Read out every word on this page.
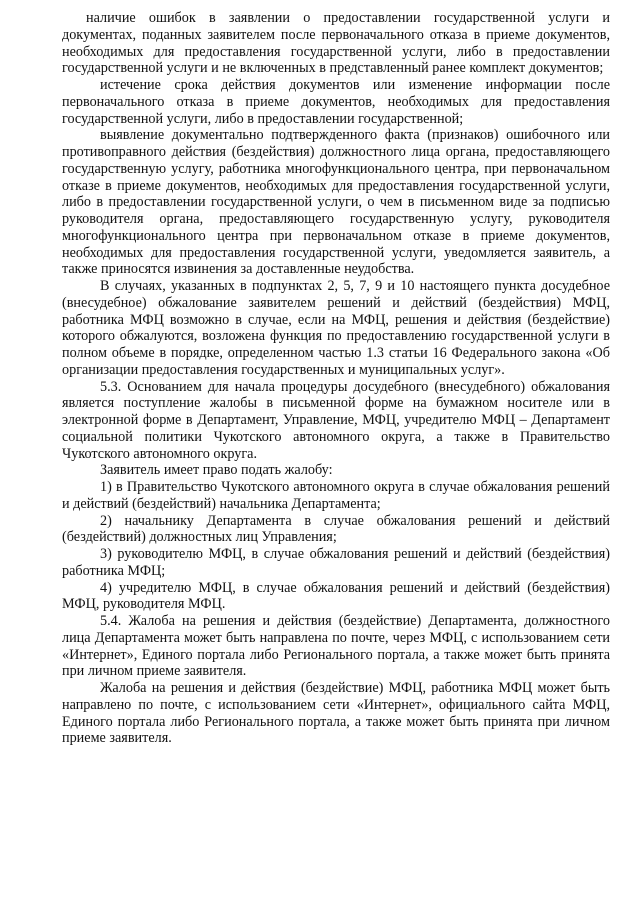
наличие ошибок в заявлении о предоставлении государственной услуги и документах, поданных заявителем после первоначального отказа в приеме документов, необходимых для предоставления государственной услуги, либо в предоставлении государственной услуги и не включенных в представленный ранее комплект документов;

истечение срока действия документов или изменение информации после первоначального отказа в приеме документов, необходимых для предоставления государственной услуги, либо в предоставлении государственной;

выявление документально подтвержденного факта (признаков) ошибочного или противоправного действия (бездействия) должностного лица органа, предоставляющего государственную услугу, работника многофункционального центра, при первоначальном отказе в приеме документов, необходимых для предоставления государственной услуги, либо в предоставлении государственной услуги, о чем в письменном виде за подписью руководителя органа, предоставляющего государственную услугу, руководителя многофункционального центра при первоначальном отказе в приеме документов, необходимых для предоставления государственной услуги, уведомляется заявитель, а также приносятся извинения за доставленные неудобства.

В случаях, указанных в подпунктах 2, 5, 7, 9 и 10 настоящего пункта досудебное (внесудебное) обжалование заявителем решений и действий (бездействия) МФЦ, работника МФЦ возможно в случае, если на МФЦ, решения и действия (бездействие) которого обжалуются, возложена функция по предоставлению государственной услуги в полном объеме в порядке, определенном частью 1.3 статьи 16 Федерального закона «Об организации предоставления государственных и муниципальных услуг».

5.3. Основанием для начала процедуры досудебного (внесудебного) обжалования является поступление жалобы в письменной форме на бумажном носителе или в электронной форме в Департамент, Управление, МФЦ, учредителю МФЦ – Департамент социальной политики Чукотского автономного округа, а также в Правительство Чукотского автономного округа.

Заявитель имеет право подать жалобу:

1) в Правительство Чукотского автономного округа в случае обжалования решений и действий (бездействий) начальника Департамента;

2) начальнику Департамента в случае обжалования решений и действий (бездействий) должностных лиц Управления;

3) руководителю МФЦ, в случае обжалования решений и действий (бездействия) работника МФЦ;

4) учредителю МФЦ, в случае обжалования решений и действий (бездействия) МФЦ, руководителя МФЦ.

5.4. Жалоба на решения и действия (бездействие) Департамента, должностного лица Департамента может быть направлена по почте, через МФЦ, с использованием сети «Интернет», Единого портала либо Регионального портала, а также может быть принята при личном приеме заявителя.

Жалоба на решения и действия (бездействие) МФЦ, работника МФЦ может быть направлено по почте, с использованием сети «Интернет», официального сайта МФЦ, Единого портала либо Регионального портала, а также может быть принята при личном приеме заявителя.
